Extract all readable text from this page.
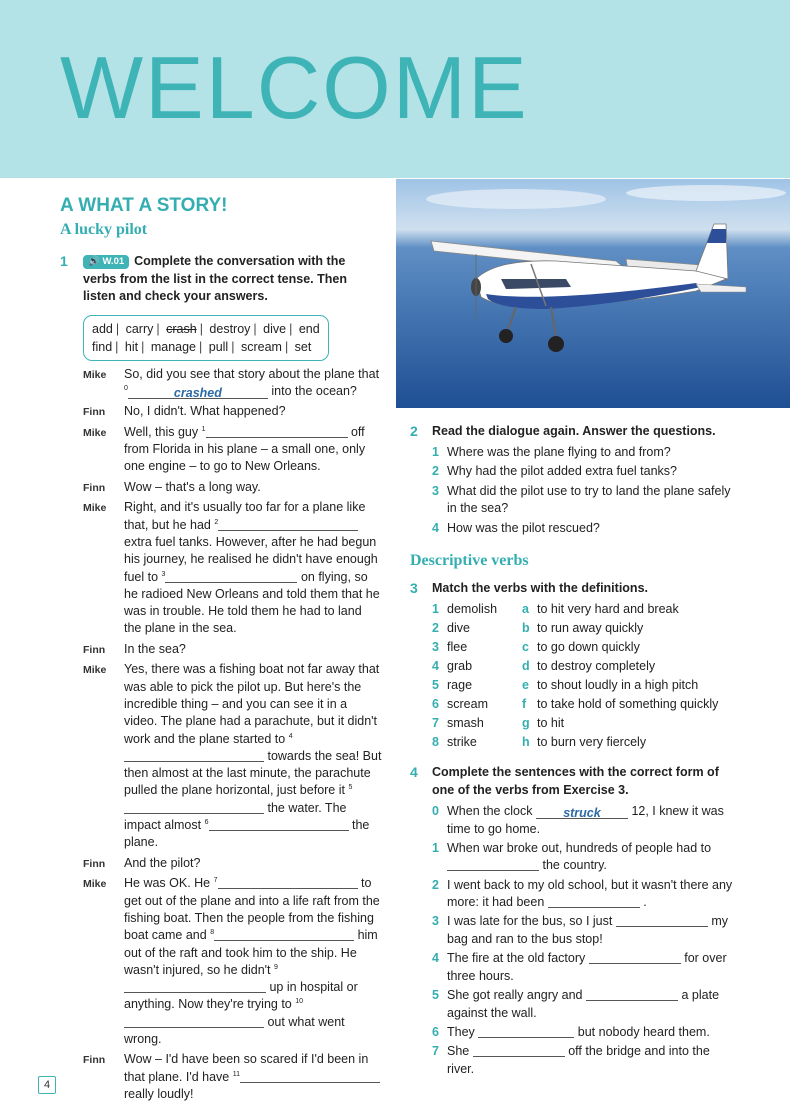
WELCOME
A WHAT A STORY!
A lucky pilot
1	🔊 W.01 Complete the conversation with the verbs from the list in the correct tense. Then listen and check your answers.
add | carry | crash | destroy | dive | end
find | hit | manage | pull | scream | set
Mike So, did you see that story about the plane that $^0$	crashed	into the ocean?
Finn No, I didn't. What happened?
Mike Well, this guy $^1$	off from Florida in his plane – a small one, only one engine – to go to New Orleans.
Finn Wow – that's a long way.
Mike Right, and it's usually too far for a plane like that, but he had $^2$ extra fuel tanks. However, after he had begun his journey, he realised he didn't have enough fuel to $^3$	on flying, so he radioed New Orleans and told them that he was in trouble. He told them he had to land the plane in the sea.
Finn In the sea?
Mike Yes, there was a fishing boat not far away that was able to pick the pilot up. But here's the incredible thing – and you can see it in a video. The plane had a parachute, but it didn't work and the plane started to $^4$ towards the sea! But then almost at the last minute, the parachute pulled the plane horizontal, just before it $^5$ the water. The impact almost $^6$	the plane.
Finn And the pilot?
Mike He was OK. He $^7$	to get out of the plane and into a life raft from the fishing boat. Then the people from the fishing boat came and $^8$	him out of the raft and took him to the ship. He wasn't injured, so he didn't $^9$ up in hospital or anything. Now they're trying to $^{10}$ out what went wrong.
Finn Wow – I'd have been so scared if I'd been in that plane. I'd have $^{11}$ really loudly!
2 Read the dialogue again. Answer the questions.
1 Where was the plane flying to and from?
2 Why had the pilot added extra fuel tanks?
3 What did the pilot use to try to land the plane safely in the sea?
4 How was the pilot rescued?
Descriptive verbs
3 Match the verbs with the definitions.
1 demolish	a to hit very hard and break
2 dive	b to run away quickly
3 flee	c to go down quickly
4 grab	d to destroy completely
5 rage	e to shout loudly in a high pitch
6 scream	f to take hold of something quickly
7 smash	g to hit
8 strike	h to burn very fiercely
4 Complete the sentences with the correct form of one of the verbs from Exercise 3.
0 When the clock struck 12, I knew it was time to go home.
1 When war broke out, hundreds of people had to  the country.
2 I went back to my old school, but it wasn't there any more: it had been	.
3 I was late for the bus, so I just	my bag and ran to the bus stop!
4 The fire at the old factory	for over three hours.
5 She got really angry and	a plate against the wall.
6 They	but nobody heard them.
7 She	off the bridge and into the river.
4
